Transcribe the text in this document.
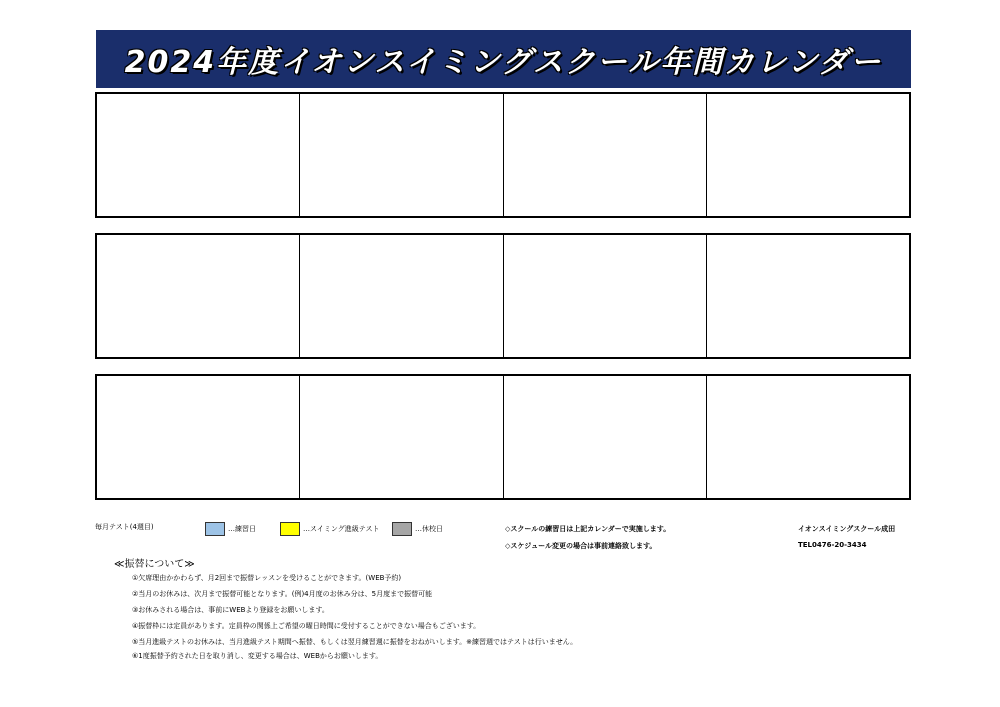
2024年度イオンスイミングスクール年間カレンダー
毎月テスト(4週目)	…練習日	…スイミング進級テスト	…休校日	◇スクールの練習日は上記カレンダーで実施します。
◇スケジュール変更の場合は事前連絡致します。
イオンスイミングスクール成田
TEL0476-20-3434
≪振替について≫
①欠席理由かかわらず、月2回まで振替レッスンを受けることができます。(WEB予約)
②当月のお休みは、次月まで振替可能となります。(例)4月度のお休み分は、5月度まで振替可能
③お休みされる場合は、事前にWEBより登録をお願いします。
④振替枠には定員があります。定員枠の関係上ご希望の曜日時間に受付することができない場合もございます。
⑤当月進級テストのお休みは、当月進級テスト期間へ振替、もしくは翌月練習週に振替をおねがいします。※練習週ではテストは行いません。
⑥1度振替予約された日を取り消し、変更する場合は、WEBからお願いします。
